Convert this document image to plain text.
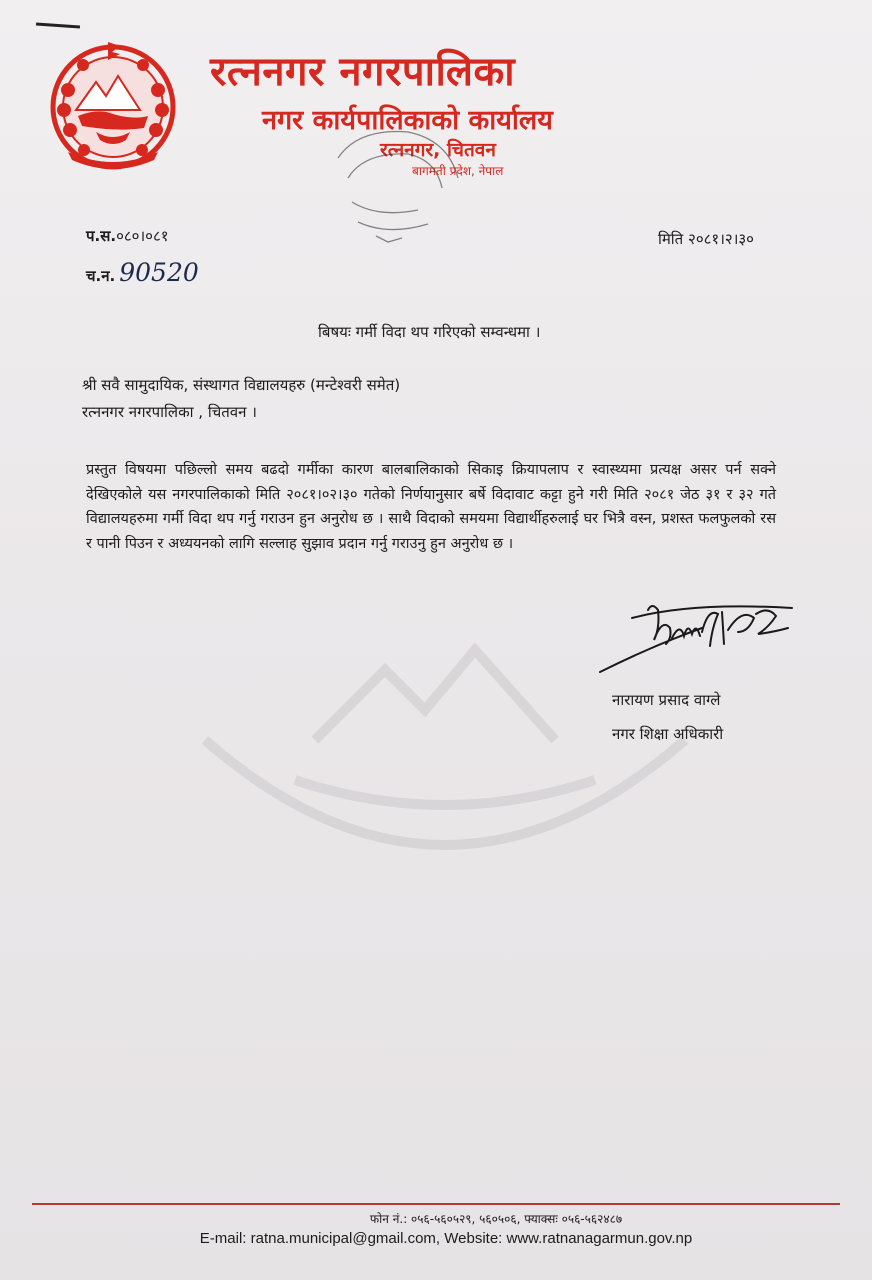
रत्ननगर नगरपालिका
नगर कार्यपालिकाको कार्यालय
रत्ननगर, चितवन
बागमती प्रदेश, नेपाल
प.स.०८०।०८१
च.न. 90520
मिति २०८१।२।३०
बिषयः गर्मी विदा थप गरिएको सम्वन्धमा ।
श्री सवै सामुदायिक, संस्थागत विद्यालयहरु (मन्टेश्वरी समेत)
रत्ननगर नगरपालिका , चितवन ।
प्रस्तुत विषयमा पछिल्लो समय बढदो गर्मीका कारण बालबालिकाको सिकाइ क्रियापलाप र स्वास्थ्यमा प्रत्यक्ष असर पर्न सक्ने देखिएकोले यस नगरपालिकाको मिति २०८१।०२।३० गतेको निर्णयानुसार बर्षे विदावाट कट्टा हुने गरी मिति २०८१ जेठ ३१ र ३२ गते विद्यालयहरुमा गर्मी विदा थप गर्नु गराउन हुन अनुरोध छ । साथै विदाको समयमा विद्यार्थीहरुलाई घर भित्रै वस्न, प्रशस्त फलफुलको रस र पानी पिउन र अध्ययनको लागि सल्लाह सुझाव प्रदान गर्नु गराउनु हुन अनुरोध छ ।
नारायण प्रसाद वाग्ले
नगर शिक्षा अधिकारी
फोन नं.: ०५६-५६०५२९, ५६०५०६, फ्याक्सः ०५६-५६२४८७
E-mail: ratna.municipal@gmail.com, Website: www.ratnanagarmun.gov.np
